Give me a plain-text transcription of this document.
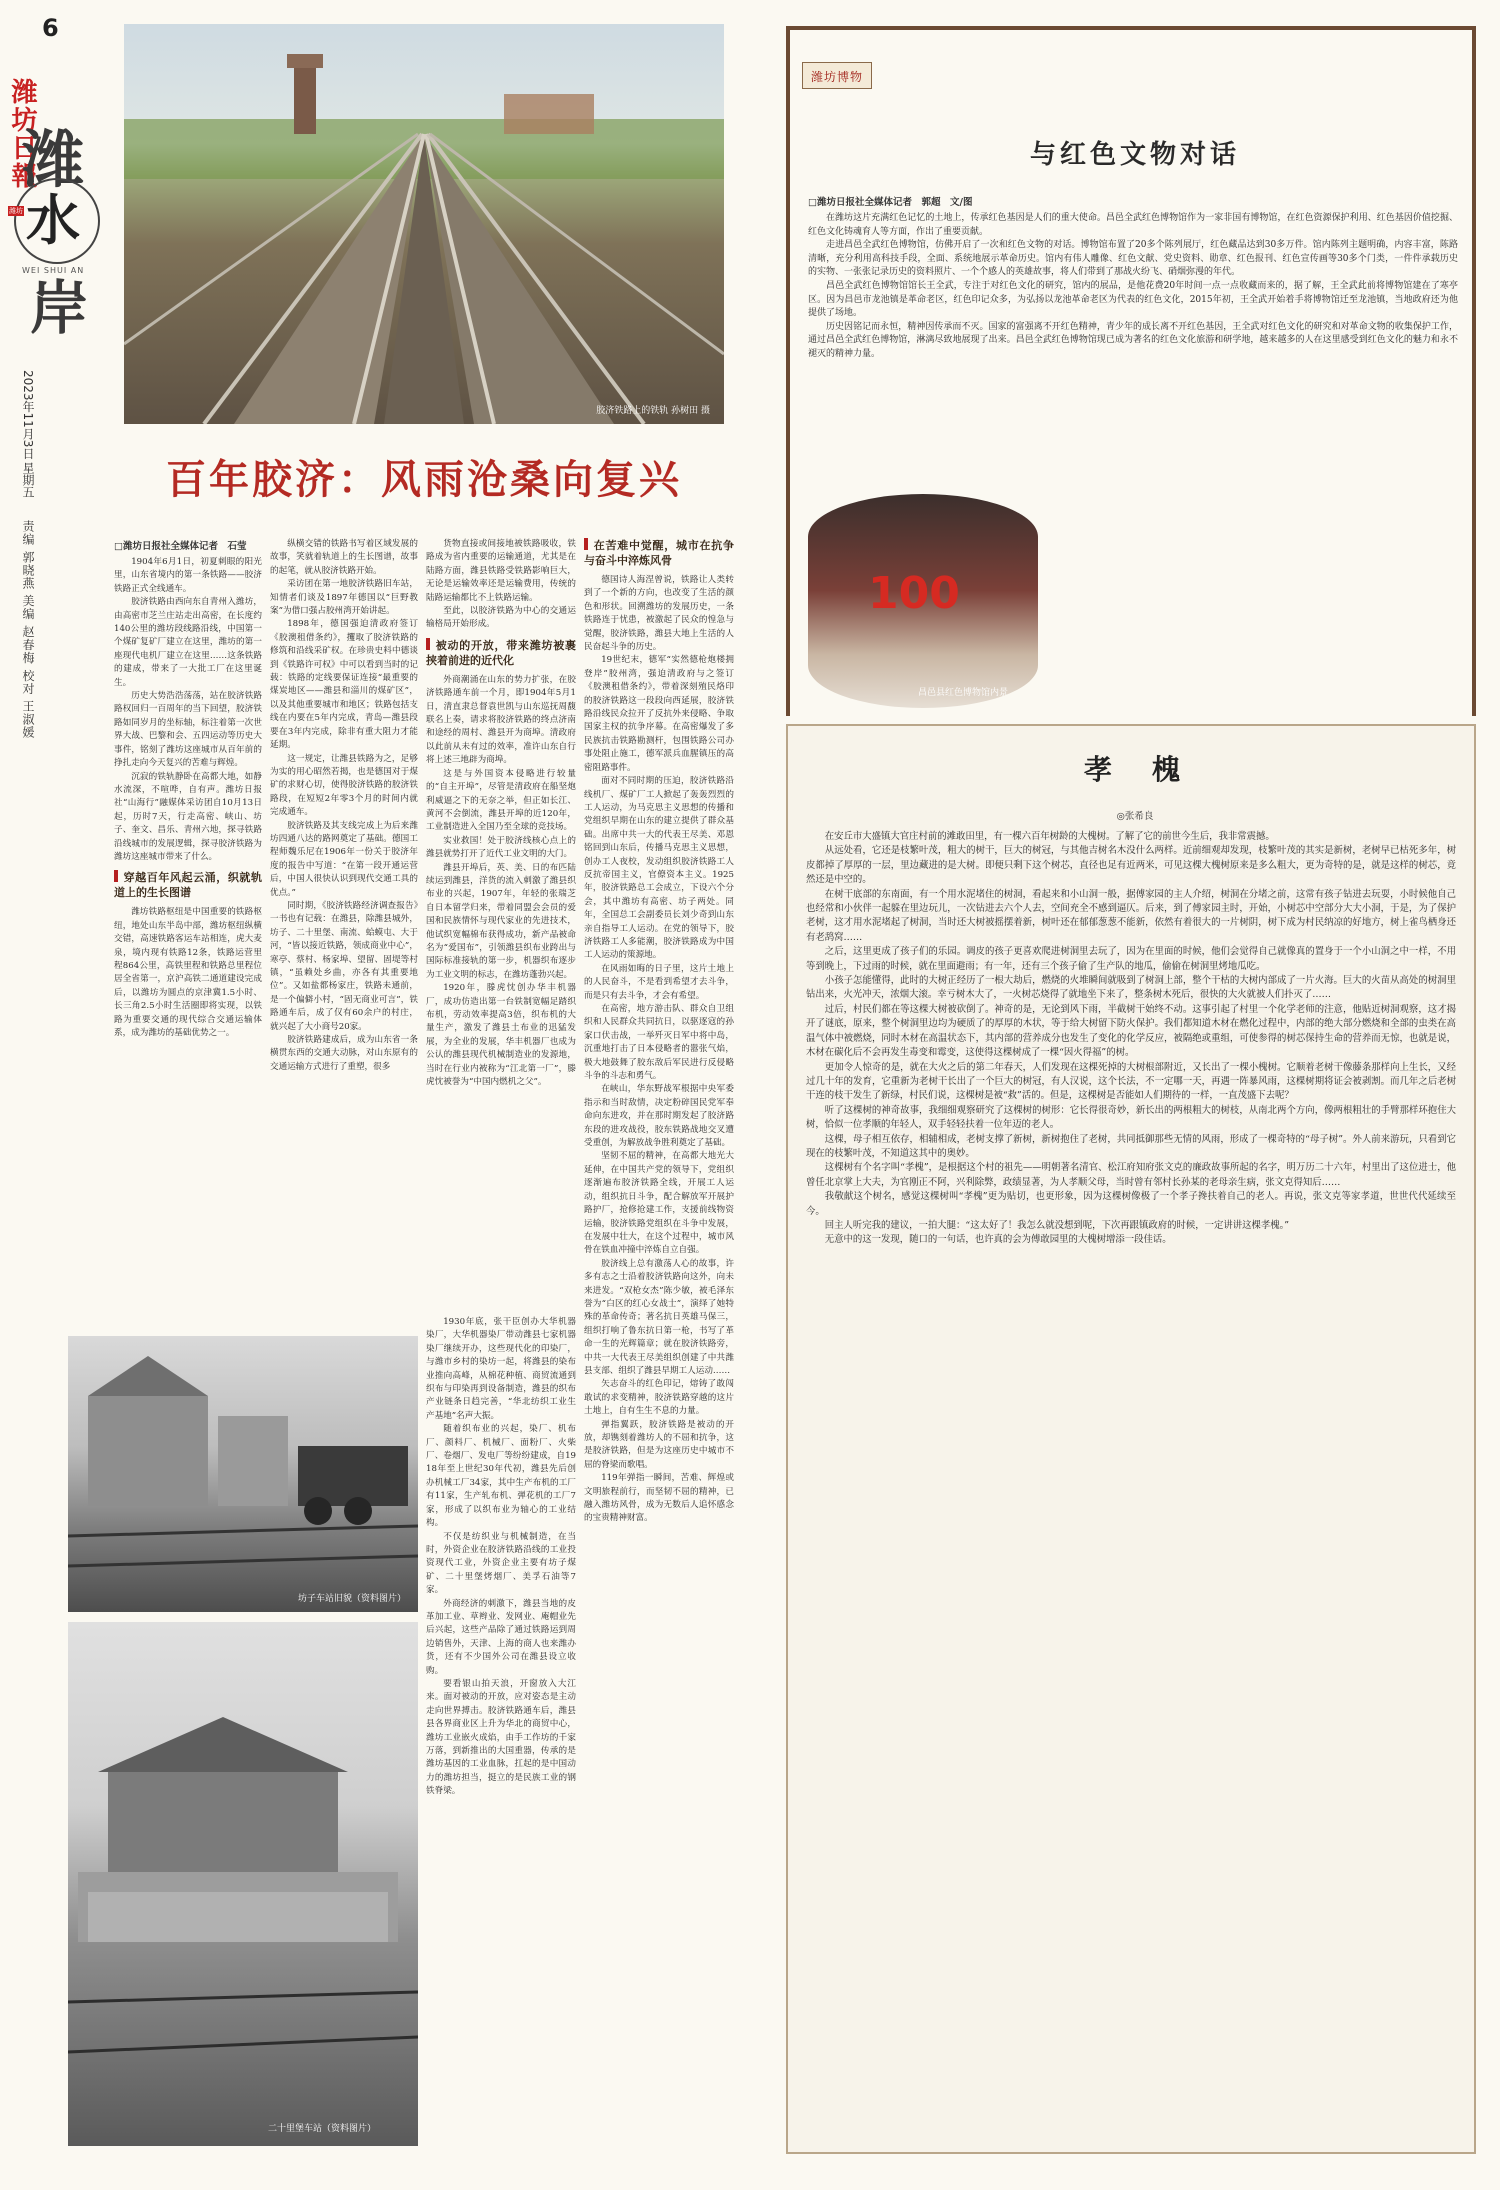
6
潍坊日報
潍
水
潍坊
WEI SHUI AN
岸
2023年11月3日
星期五
责编 郭晓燕 美编 赵春梅 校对 王淑媛
胶济铁路上的铁轨 孙树田 摄
百年胶济：风雨沧桑向复兴
□潍坊日报社全媒体记者　石莹

1904年6月1日，初夏刺眼的阳光里，山东省境内的第一条铁路——胶济铁路正式全线通车。

胶济铁路由西向东自青州入潍坊，由高密市芝兰庄站走出高密，在长度约140公里的潍坊段线路沿线，中国第一个煤矿复矿厂建立在这里，潍坊的第一座现代电机厂建立在这里……这条铁路的建成，带来了一大批工厂在这里诞生。

历史大势浩浩荡荡，站在胶济铁路路权回归一百周年的当下回望，胶济铁路如同岁月的坐标轴，标注着第一次世界大战、巴黎和会、五四运动等历史大事件，铭刻了潍坊这座城市从百年前的挣扎走向今天复兴的苦难与辉煌。

沉寂的铁轨静卧在高都大地，如静水流深，不喧哗，自有声。潍坊日报社“山海行”融媒体采访团自10月13日起，历时7天，行走高密、峡山、坊子、奎文、昌乐、青州六地，探寻铁路沿线城市的发展逻辑，探寻胶济铁路为潍坊这座城市带来了什么。

穿越百年风起云涌，织就轨道上的生长图谱

潍坊铁路枢纽是中国重要的铁路枢纽，地处山东半岛中部，潍坊枢纽纵横交错，高速铁路客运车站相连，虎大麦泉，境内现有铁路12条，铁路运营里程864公里，高铁里程和铁路总里程位居全省第一，京沪高铁二通道建设完成后，以潍坊为圆点的京津冀1.5小时、长三角2.5小时生活圈即将实现，以铁路为重要交通的现代综合交通运输体系，成为潍坊的基础优势之一。

纵横交错的铁路书写着区域发展的故事，笑就着轨道上的生长图谱，故事的起笔，就从胶济铁路开始。

采访团在第一地胶济铁路旧车站，知情者们谈及1897年德国以“巨野教案”为借口强占胶州湾开始讲起。

1898年，德国强迫清政府签订《胶澳租借条约》，攫取了胶济铁路的修筑和沿线采矿权。在珍贵史料中德谈到《铁路许可权》中可以看到当时的记载：铁路的定线要保证连接“最重要的煤炭地区——潍县和淄川的煤矿区”，以及其他重要城市和地区；铁路包括支线在内要在5年内完成，青岛—潍县段要在3年内完成，除非有重大阻力才能延期。

这一规定，让潍县铁路为之，足够为实的用心昭然若揭，也是德国对于煤矿的求财心切，使得胶济铁路的胶济铁路段，在短短2年零3个月的时间内就完成通车。

胶济铁路及其支线完成上为后来潍坊四通八达的路网奠定了基础。德国工程师魏乐尼在1906年一份关于胶济年度的报告中写道：“在第一段开通运营后，中国人很快认识到现代交通工具的优点。”

同时期，《胶济铁路经济调查报告》一书也有记载：在潍县，除潍县城外，坊子、二十里堡、南流、蛤蟆屯、大于河，“皆以接近铁路，领成商业中心”，寒亭、蔡村、杨家埠、望留、固堤等村镇，“虽赖处乡曲，亦各有其重要地位”。又如盐都杨家庄，铁路未通前，是一个偏僻小村，“固无商业可言”，铁路通车后，成了仅有60余户的村庄，就兴起了大小商号20家。

胶济铁路建成后，成为山东省一条横贯东西的交通大动脉，对山东原有的交通运输方式进行了重塑，很多

货物直接或间接地被铁路吸收，铁路成为省内重要的运输通道，尤其是在陆路方面，潍县铁路受铁路影响巨大，无论是运输效率还是运输费用，传统的陆路运输都比不上铁路运输。

至此，以胶济铁路为中心的交通运输格局开始形成。

被动的开放，带来潍坊被裹挟着前进的近代化

外商潮涌在山东的势力扩张，在胶济铁路通车前一个月，即1904年5月1日，清直隶总督袁世凯与山东巡抚周馥联名上奏，请求将胶济铁路的终点济南和途经的周村、潍县开为商埠。清政府以此前从未有过的效率，准许山东自行将上述三地辟为商埠。

这是与外国资本侵略进行较量的“自主开埠”，尽管是清政府在船坚炮利威逼之下的无奈之举，但正如长江、黄河不会倒流，潍县开埠的近120年，工业制造进入全国乃至全球的竞技场。

实业救国！处于胶济线核心点上的潍县就势打开了近代工业文明的大门。

潍县开埠后，英、美、日的布匹陆续运到潍县，洋货的流入刺激了潍县织布业的兴起，1907年，年轻的张瑞芝自日本留学归来，带着同盟会会员的爱国和民族情怀与现代家业的先进技术，他试织宽幅棉布获得成功，新产品被命名为“爱国布”，引领潍县织布业跨出与国际标准接轨的第一步，机器织布逐步为工业文明的标志，在潍坊蓬勃兴起。

1920年，滕虎忱创办华丰机器厂，成功仿造出第一台铁制宽幅足踏织布机，劳动效率提高3倍，织布机的大量生产，激发了潍县土布业的迅猛发展，为全业的发展，华丰机器厂也成为公认的潍县现代机械制造业的发源地，当时在行业内被称为“江北第一厂”，滕虎忱被誉为“中国内燃机之父”。

1930年底，张干臣创办大华机器染厂，大华机器染厂带动潍县七家机器染厂继续开办，这些现代化的印染厂，与潍市乡村的染坊一起，将潍县的染布业推向高峰，从棉花种植、商贸流通到织布与印染再到设备制造，潍县的织布产业链条日趋完善，“华北纺织工业生产基地”名声大振。

随着织布业的兴起，染厂、机布厂、颜料厂、机械厂、面粉厂、火柴厂、卷烟厂、发电厂等纷纷建成，自1918年至上世纪30年代初，潍县先后创办机械工厂34家，其中生产布机的工厂有11家，生产轧布机、弹花机的工厂7家，形成了以织布业为轴心的工业结构。

不仅是纺织业与机械制造，在当时，外资企业在胶济铁路沿线的工业投资现代工业，外资企业主要有坊子煤矿、二十里堡烤烟厂、美孚石油等7家。

外商经济的刺激下，潍县当地的皮革加工业、草辫业、发网业、庵帽业先后兴起，这些产品除了通过铁路运到周边销售外，天津、上海的商人也来潍办货，还有不少国外公司在潍县设立收购。

要看银山拍天浪，开窗放入大江来。面对被动的开放，应对姿态是主动走向世界搏击。胶济铁路通车后，潍县县各界商业区上升为华北的商贸中心，潍坊工业嵌火成焰，由手工作坊的千家万落，到新推出的大国重器，传承的是潍坊基因的工业血脉，扛起的是中国动力的潍坊担当，挺立的是民族工业的钢铁脊梁。

在苦难中觉醒，城市在抗争与奋斗中淬炼风骨

德国诗人海涅曾说，铁路让人类转到了一个新的方向，也改变了生活的颜色和形状。回溯潍坊的发展历史，一条铁路连于忧患，被激起了民众的惶急与觉醒，胶济铁路，潍县大地上生活的人民奋起斗争的历史。

19世纪末，德军“实然德枪炮楼拥登岸”胶州湾，强迫清政府与之签订《胶澳租借条约》，带着深刻殖民烙印的胶济铁路这一段段向西延展，胶济铁路沿线民众拉开了反抗外来侵略、争取国家主权的抗争序幕。在高密爆发了多民族抗击铁路勘测杆，包围铁路公司办事处阻止施工，德军派兵血腥镇压的高密阻路事件。

面对不同时期的压迫，胶济铁路沿线机厂、煤矿厂工人掀起了轰轰烈烈的工人运动，为马克思主义思想的传播和党组织早期在山东的建立提供了群众基础。出席中共一大的代表王尽美、邓恩铭回到山东后，传播马克思主义思想，创办工人夜校，发动组织胶济铁路工人反抗帝国主义，官僚资本主义。1925年，胶济铁路总工会成立，下设六个分会，其中潍坊有高密、坊子两处。同年，全国总工会副委员长刘少奇到山东亲自指导工人运动。在党的领导下，胶济铁路工人多能潮，胶济铁路成为中国工人运动的策源地。

在风雨如晦的日子里，这片土地上的人民奋斗，不是看到希望才去斗争，而是只有去斗争，才会有希望。

在高密，地方游击队、群众自卫组织和人民群众共同抗日，以驱逐寇的孙家口伏击战，一举歼灭日军中将中岛，沉重地打击了日本侵略者的嚣张气焰，极大地鼓舞了胶东敌后军民进行反侵略斗争的斗志和勇气。

在峡山，华东野战军根据中央军委指示和当时敌情，决定粉碎国民党军奉命向东进攻，并在那时期发起了胶济路东段的进攻战役，胶东铁路战地交叉遭受重创，为解放战争胜利奠定了基础。

坚韧不屈的精神，在高都大地光大延伸，在中国共产党的领导下，党组织逐渐遍布胶济铁路全线，开展工人运动，组织抗日斗争，配合解放军开展护路护厂，抢修抢建工作，支援前线物资运输，胶济铁路党组织在斗争中发展，在发展中壮大，在这个过程中，城市风骨在铁血冲撞中淬炼自立自强。

胶济线上总有激荡人心的故事，许多有志之士沿着胶济铁路向这外，向未来进发。“双枪女杰”陈少敏，被毛泽东誉为“白区的红心女战士”，演绎了她特殊的革命传奇；著名抗日英雄马保三，组织打响了鲁东抗日第一枪，书写了革命一生的光辉篇章；就在胶济铁路旁，中共一大代表王尽美组织创建了中共潍县支部、组织了潍县早期工人运动……

矢志奋斗的红色印记，熔铸了敢闯敢试的求变精神，胶济铁路穿越的这片土地上，自有生生不息的力量。

弹指翼跃，胶济铁路是被动的开放，却镌刻着潍坊人的不屈和抗争，这是胶济铁路，但是为这座历史中城市不屈的脊梁而歌唱。

119年弹指一瞬间，苦难、辉煌或文明旅程前行，而坚韧不屈的精神，已融入潍坊风骨，成为无数后人追怀感念的宝贵精神财富。

坊子车站旧貌（资料图片）
二十里堡车站（资料图片）
潍坊博物
与红色文物对话
□潍坊日报社全媒体记者　郭超　文/图

在潍坊这片充满红色记忆的土地上，传承红色基因是人们的重大使命。昌邑全武红色博物馆作为一家非国有博物馆，在红色资源保护利用、红色基因价值挖掘、红色文化铸魂育人等方面，作出了重要贡献。

走进昌邑全武红色博物馆，仿佛开启了一次和红色文物的对话。博物馆布置了20多个陈列展厅，红色藏品达到30多万件。馆内陈列主题明确，内容丰富，陈路清晰，充分利用高科技手段，全面、系统地展示革命历史。馆内有伟人雕像、红色文献、党史资料、勋章、红色报刊、红色宣传画等30多个门类，一件件承载历史的实物、一张张记录历史的资料照片、一个个感人的英雄故事，将人们带到了那战火纷飞、硝烟弥漫的年代。

昌邑全武红色博物馆馆长王全武，专注于对红色文化的研究，馆内的展品，是他花费20年时间一点一点收藏而来的，据了解，王全武此前将博物馆建在了寒亭区。因为昌邑市龙池镇是革命老区，红色印记众多，为弘扬以龙池革命老区为代表的红色文化，2015年初，王全武开始着手将博物馆迁至龙池镇，当地政府还为他提供了场地。

历史因铭记而永恒，精神因传承而不灭。国家的富强离不开红色精神，青少年的成长离不开红色基因，王全武对红色文化的研究和对革命文物的收集保护工作，通过昌邑全武红色博物馆，淋漓尽致地展现了出来。昌邑全武红色博物馆现已成为著名的红色文化旅游和研学地，越来越多的人在这里感受到红色文化的魅力和永不褪灭的精神力量。

100
昌邑县红色博物馆内景
孝　槐
◎张希良

在安丘市大盛镇大官庄村前的滩敢田里，有一棵六百年树龄的大槐树。了解了它的前世今生后，我非常震撼。

从远处看，它还是枝繁叶茂，粗大的树干，巨大的树冠，与其他吉树名木没什么两样。近前细观却发现，枝繁叶茂的其实是新树，老树早已枯死多年，树皮都掉了厚厚的一层，里边藏进的是大树。即便只剩下这个树芯，直径也足有近两米，可见这棵大槐树原来是多么粗大，更为奇特的是，就是这样的树芯，竟然还是中空的。

在树干底部的东南面，有一个用水泥堵住的树洞，看起来和小山洞一般，据傅家园的主人介绍，树洞在分堵之前，这常有孩子钻进去玩耍，小时候他自己也经常和小伙伴一起躲在里边玩儿，一次钻进去六个人去，空间充全不感到逼仄。后来，到了傅家园主时，开始，小树芯中空部分大大小洞，于是，为了保护老树，这才用水泥堵起了树洞，当时还大树被摇摆着新，树叶还在郁郁葱葱不能新，依然有着很大的一片树阴，树下成为村民纳凉的好地方，树上雀鸟栖身还有老鸹窝……

之后，这里更成了孩子们的乐园。调皮的孩子更喜欢爬进树洞里去玩了，因为在里面的时候，他们会觉得自己就像真的置身于一个小山洞之中一样，不用等到晚上，下过雨的时候，就在里面避雨；有一年，还有三个孩子偷了生产队的地瓜，偷偷在树洞里烤地瓜吃。

小孩子怎能懂得，此时的大树正经历了一根大劫后，燃烧的火堆瞬间就吸到了树洞上部，整个干枯的大树内部成了一片火海。巨大的火苗从高处的树洞里钻出来，火光冲天，浓烟大滚。幸亏树木大了，一火树芯烧得了就地坐下来了，整条树木死后，很快的大火就被人们扑灭了……

过后，村民们都在等这棵大树被砍倒了。神奇的是，无论到风下雨，半截树干始终不动。这事引起了村里一个化学老师的注意，他贴近树洞观察，这才揭开了谜底，原来，整个树洞里边均为硬质了的厚厚的木状，等于给大树留下防火保护。我们都知道木材在燃化过程中，内部的绝大部分燃烧和全部的虫类在高温气体中被燃烧，同时木材在高温状态下，其内部的营养成分也发生了变化的化学反应，被隔绝或重组，可使参得的树芯保持生命的营养而无惊，也就是说，木材在碳化后不会再发生毒变和霉变，这使得这棵树成了一棵“因火得福”的树。

更加令人惊奇的是，就在大火之后的第二年春天，人们发现在这棵死掉的大树根部附近，又长出了一棵小槐树。它顺着老树干像藤条那样向上生长，又经过几十年的发育，它重新为老树干长出了一个巨大的树冠，有人汉说，这个长法，不一定哪一天，再遇一阵暴风雨，这棵树期将证会被剥割。而几年之后老树干连的枝干发生了新绿，村民们说，这棵树是被“救”活的。但是，这棵树是否能如人们期待的一样，一直茂盛下去呢？

听了这棵树的神奇故事，我细细观察研究了这棵树的树形：它长得很奇妙，新长出的两根粗大的树枝，从南北两个方向，像两根粗壮的手臂那样环抱住大树，恰似一位孝顺的年轻人，双手轻轻扶着一位年迈的老人。

这棵，母子相互依存，相辅相成，老树支撑了新树，新树抱住了老树，共同抵御那些无情的风雨，形成了一棵奇特的“母子树”。外人前来游玩，只看到它现在的枝繁叶茂，不知道这其中的奥妙。

这棵树有个名字叫“孝槐”，是根据这个村的祖先——明朝著名清官、松江府知府张文克的廉政故事所起的名字，明万历二十六年，村里出了这位进士，他曾任北京掌上大夫，为官刚正不阿，兴利除弊，政绩显著，为人孝顺父母，当时曾有邻村长孙某的老母亲生病，张文克得知后……

我敬献这个树名，感觉这棵树叫“孝槐”更为贴切，也更形象，因为这棵树像极了一个孝子搀扶着自己的老人。再说，张文克等家孝道，世世代代延续至今。

回主人听完我的建议，一拍大腿：“这太好了！我怎么就没想到呢，下次再跟镇政府的时候，一定讲讲这棵孝槐。”

无意中的这一发现，随口的一句话，也许真的会为傅敢园里的大槐树增添一段佳话。
